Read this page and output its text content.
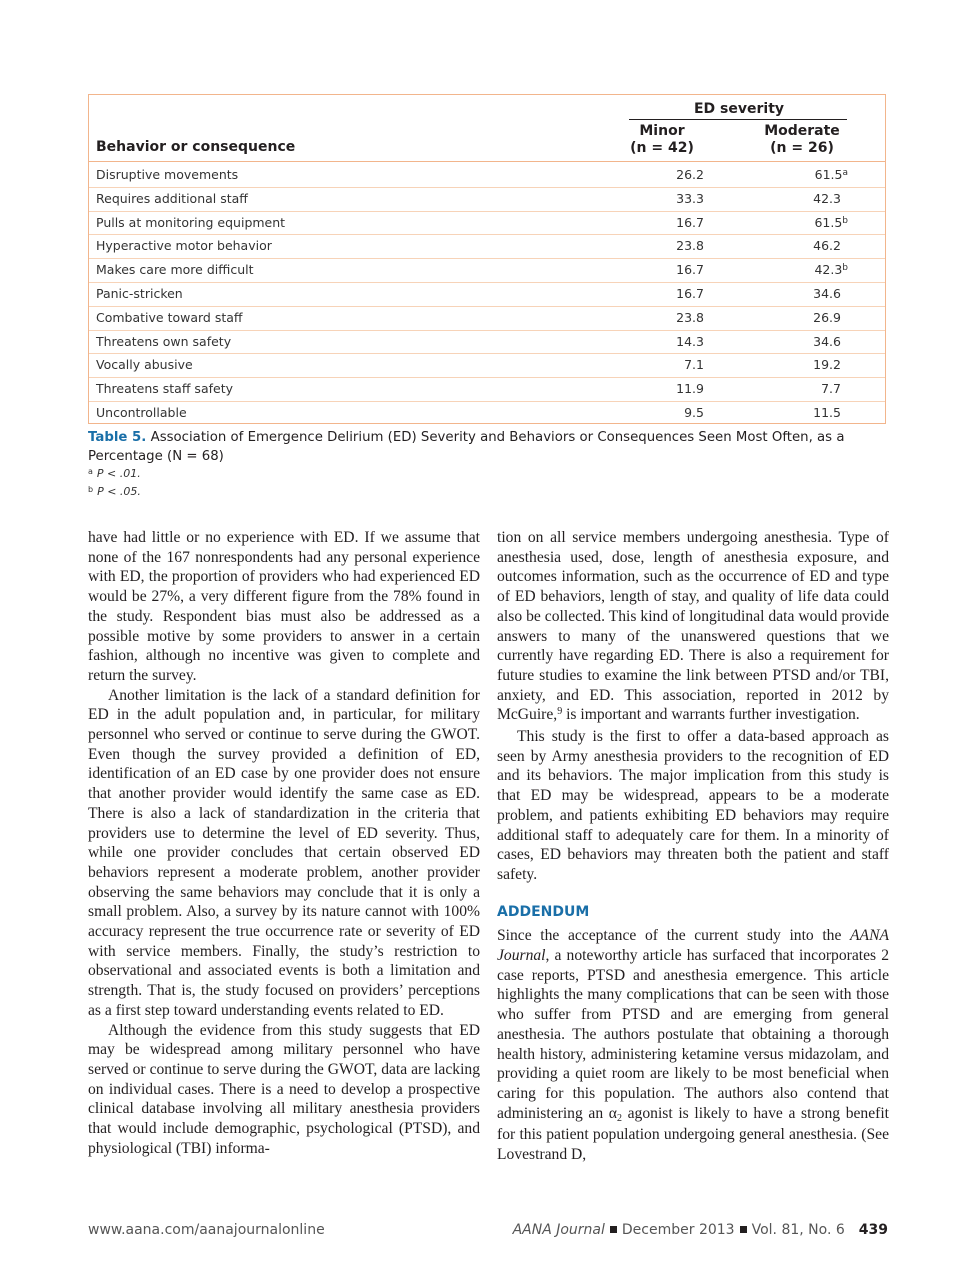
ED severity
Minor
(n = 42)
Moderate
(n = 26)
Behavior or consequence
Disruptive movements	26.2	61.5$^a$
Requires additional staff	33.3	42.3
Pulls at monitoring equipment	16.7	61.5$^b$
Hyperactive motor behavior	23.8	46.2
Makes care more difficult	16.7	42.3$^b$
Panic-stricken	16.7	34.6
Combative toward staff	23.8	26.9
Threatens own safety	14.3	34.6
Vocally abusive	7.1	19.2
Threatens staff safety	11.9	7.7
Uncontrollable	9.5	11.5
Table 5. Association of Emergence Delirium (ED) Severity and Behaviors or Consequences Seen Most Often, as a Percentage (N = 68)
$^a$ P < .01.
$^b$ P < .05.

have had little or no experience with ED. If we assume that none of the 167 nonrespondents had any personal experience with ED, the proportion of providers who had experienced ED would be 27%, a very different figure from the 78% found in the study. Respondent bias must also be addressed as a possible motive by some providers to answer in a certain fashion, although no incentive was given to complete and return the survey.

Another limitation is the lack of a standard definition for ED in the adult population and, in particular, for military personnel who served or continue to serve during the GWOT. Even though the survey provided a definition of ED, identification of an ED case by one provider does not ensure that another provider would identify the same case as ED. There is also a lack of standardization in the criteria that providers use to determine the level of ED severity. Thus, while one provider concludes that certain observed ED behaviors represent a moderate problem, another provider observing the same behaviors may conclude that it is only a small problem. Also, a survey by its nature cannot with 100% accuracy represent the true occurrence rate or severity of ED with service members. Finally, the study’s restriction to observational and associated events is both a limitation and strength. That is, the study focused on providers’ perceptions as a first step toward understanding events related to ED.

Although the evidence from this study suggests that ED may be widespread among military personnel who have served or continue to serve during the GWOT, data are lacking on individual cases. There is a need to develop a prospective clinical database involving all military anesthesia providers that would include demographic, psychological (PTSD), and physiological (TBI) informa-

tion on all service members undergoing anesthesia. Type of anesthesia used, dose, length of anesthesia exposure, and outcomes information, such as the occurrence of ED and type of ED behaviors, length of stay, and quality of life data could also be collected. This kind of longitudinal data would provide answers to many of the unanswered questions that we currently have regarding ED. There is also a requirement for future studies to examine the link between PTSD and/or TBI, anxiety, and ED. This association, reported in 2012 by McGuire,$^9$ is important and warrants further investigation.

This study is the first to offer a data-based approach as seen by Army anesthesia providers to the recognition of ED and its behaviors. The major implication from this study is that ED may be widespread, appears to be a moderate problem, and patients exhibiting ED behaviors may require additional staff to adequately care for them. In a minority of cases, ED behaviors may threaten both the patient and staff safety.

ADDENDUM

Since the acceptance of the current study into the AANA Journal, a noteworthy article has surfaced that incorporates 2 case reports, PTSD and anesthesia emergence. This article highlights the many complications that can be seen with those who suffer from PTSD and are emerging from general anesthesia. The authors postulate that obtaining a thorough health history, administering ketamine versus midazolam, and providing a quiet room are likely to be most beneficial when caring for this population. The authors also contend that administering an $\alpha_2$ agonist is likely to have a strong benefit for this patient population undergoing general anesthesia. (See Lovestrand D,

www.aana.com/aanajournalonline	AANA Journal December 2013 Vol. 81, No. 6 439
